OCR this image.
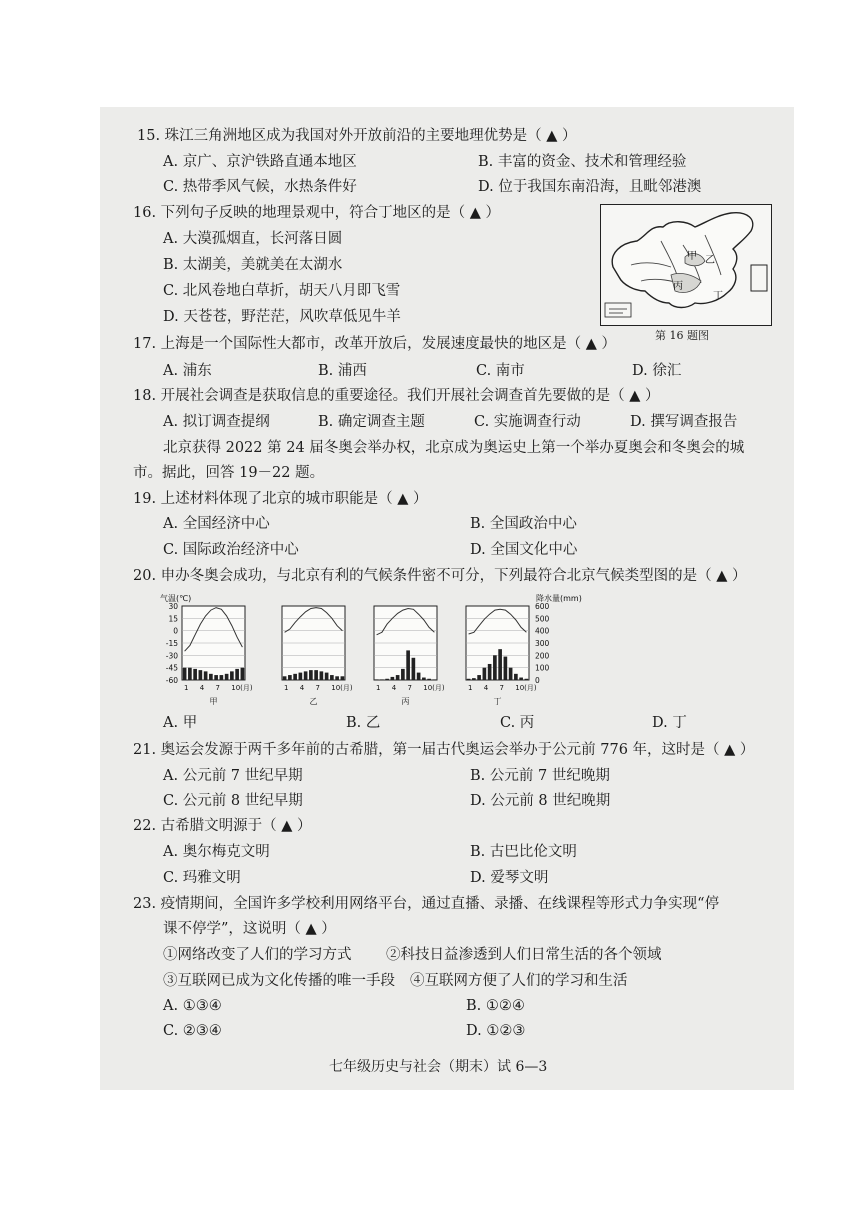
15. 珠江三角洲地区成为我国对外开放前沿的主要地理优势是（ ▲ ）
A. 京广、京沪铁路直通本地区	B. 丰富的资金、技术和管理经验
C. 热带季风气候，水热条件好	D. 位于我国东南沿海，且毗邻港澳
16. 下列句子反映的地理景观中，符合丁地区的是（ ▲ ）
A. 大漠孤烟直，长河落日圆
B. 太湖美，美就美在太湖水
C. 北风卷地白草折，胡天八月即飞雪
D. 天苍苍，野茫茫，风吹草低见牛羊
甲 乙
丙
丁
第 16 题图
17. 上海是一个国际性大都市，改革开放后，发展速度最快的地区是（ ▲ ）
A. 浦东	B. 浦西	C. 南市	D. 徐汇
18. 开展社会调查是获取信息的重要途径。我们开展社会调查首先要做的是（ ▲ ）
A. 拟订调查提纲	B. 确定调查主题	C. 实施调查行动	D. 撰写调查报告
北京获得 2022 第 24 届冬奥会举办权，北京成为奥运史上第一个举办夏奥会和冬奥会的城
市。据此，回答 19－22 题。
19. 上述材料体现了北京的城市职能是（ ▲ ）
A. 全国经济中心	B. 全国政治中心
C. 国际政治经济中心	D. 全国文化中心
20. 申办冬奥会成功，与北京有利的气候条件密不可分，下列最符合北京气候类型图的是（ ▲ ）
气温(℃)	降水量(mm)
30
15
0
-15
-30
-45
-60
600
500
400
300
200
100
0
1 4 7 10(月)
甲
1 4 7 10(月)
乙
1 4 7 10(月)
丙
1 4 7 10(月)
丁
A. 甲	B. 乙	C. 丙	D. 丁
21. 奥运会发源于两千多年前的古希腊，第一届古代奥运会举办于公元前 776 年，这时是（ ▲ ）
A. 公元前 7 世纪早期	B. 公元前 7 世纪晚期
C. 公元前 8 世纪早期	D. 公元前 8 世纪晚期
22. 古希腊文明源于（ ▲ ）
A. 奥尔梅克文明	B. 古巴比伦文明
C. 玛雅文明	D. 爱琴文明
23. 疫情期间，全国许多学校利用网络平台，通过直播、录播、在线课程等形式力争实现“停
课不停学”，这说明（ ▲ ）
①网络改变了人们的学习方式 ②科技日益渗透到人们日常生活的各个领域
③互联网已成为文化传播的唯一手段 ④互联网方便了人们的学习和生活
A. ①③④	B. ①②④
C. ②③④	D. ①②③
七年级历史与社会（期末）试 6—3
